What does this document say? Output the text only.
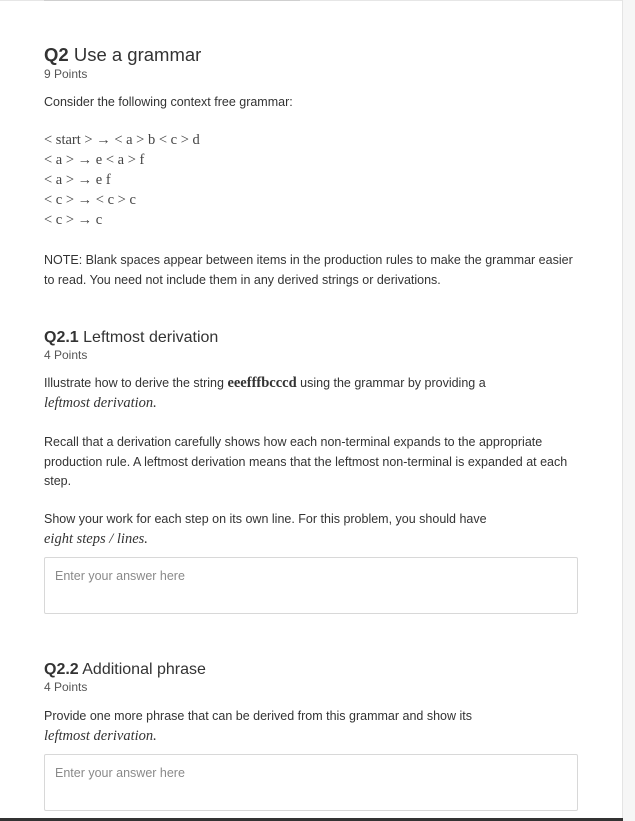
Q2 Use a grammar
9 Points
Consider the following context free grammar:
< start > → < a > b < c > d
< a > → e < a > f
< a > → e f
< c > → < c > c
< c > → c
NOTE: Blank spaces appear between items in the production rules to make the grammar easier to read. You need not include them in any derived strings or derivations.
Q2.1 Leftmost derivation
4 Points
Illustrate how to derive the string eeefffbcccd using the grammar by providing a
leftmost derivation.
Recall that a derivation carefully shows how each non-terminal expands to the appropriate production rule. A leftmost derivation means that the leftmost non-terminal is expanded at each step.
Show your work for each step on its own line. For this problem, you should have
eight steps / lines.
Enter your answer here
Q2.2 Additional phrase
4 Points
Provide one more phrase that can be derived from this grammar and show its
leftmost derivation.
Enter your answer here
